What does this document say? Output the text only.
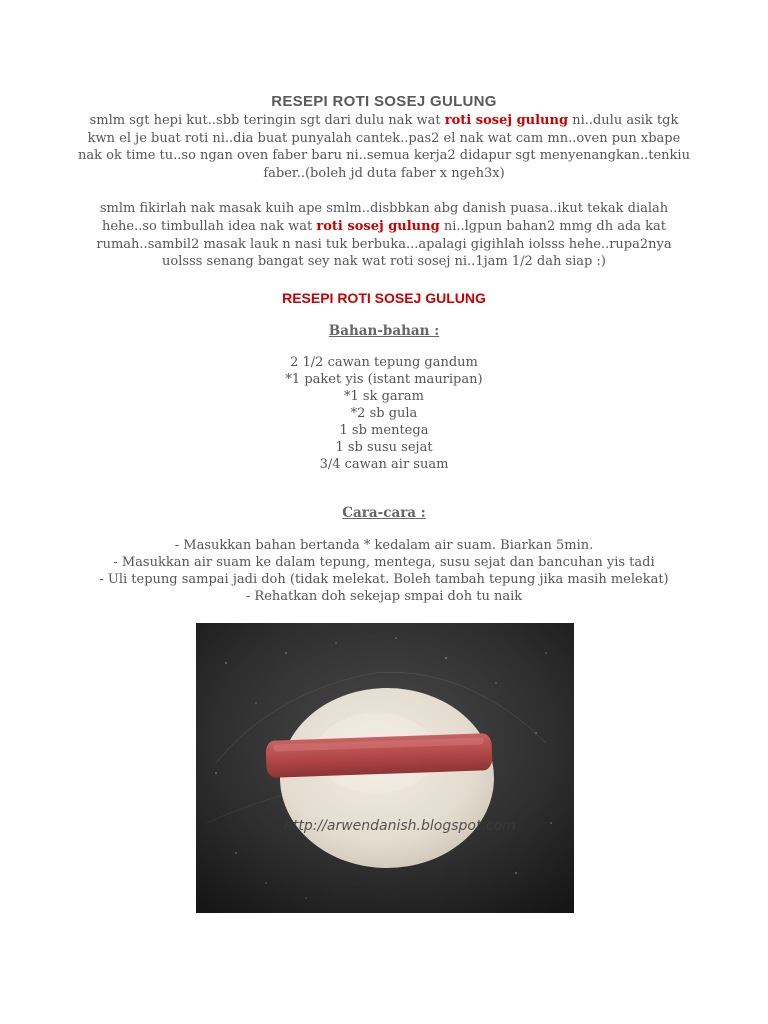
RESEPI ROTI SOSEJ GULUNG

smlm sgt hepi kut..sbb teringin sgt dari dulu nak wat roti sosej gulung ni..dulu asik tgk
kwn el je buat roti ni..dia buat punyalah cantek..pas2 el nak wat cam mn..oven pun xbape
nak ok time tu..so ngan oven faber baru ni..semua kerja2 didapur sgt menyenangkan..tenkiu
faber..(boleh jd duta faber x ngeh3x)

smlm fikirlah nak masak kuih ape smlm..disbbkan abg danish puasa..ikut tekak dialah
hehe..so timbullah idea nak wat roti sosej gulung ni..lgpun bahan2 mmg dh ada kat
rumah..sambil2 masak lauk n nasi tuk berbuka...apalagi gigihlah iolsss hehe..rupa2nya
uolsss senang bangat sey nak wat roti sosej ni..1jam 1/2 dah siap :)

RESEPI ROTI SOSEJ GULUNG

Bahan-bahan :

2 1/2 cawan tepung gandum
*1 paket yis (istant mauripan)
*1 sk garam
*2 sb gula
1 sb mentega
1 sb susu sejat
3/4 cawan air suam

Cara-cara :

- Masukkan bahan bertanda * kedalam air suam. Biarkan 5min.
- Masukkan air suam ke dalam tepung, mentega, susu sejat dan bancuhan yis tadi
- Uli tepung sampai jadi doh (tidak melekat. Boleh tambah tepung jika masih melekat)
- Rehatkan doh sekejap smpai doh tu naik
http://arwendanish.blogspot.com
